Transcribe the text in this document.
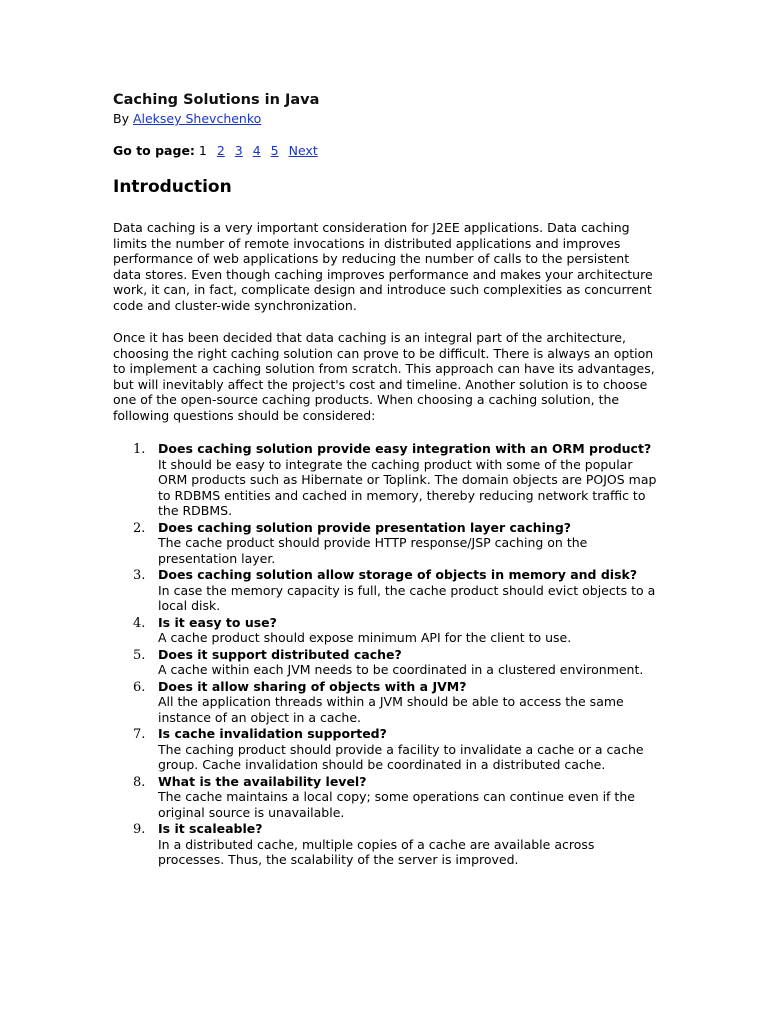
Caching Solutions in Java

By Aleksey Shevchenko

Go to page: 1 2 3 4 5 Next
Introduction

Data caching is a very important consideration for J2EE applications. Data caching limits the number of remote invocations in distributed applications and improves performance of web applications by reducing the number of calls to the persistent data stores. Even though caching improves performance and makes your architecture work, it can, in fact, complicate design and introduce such complexities as concurrent code and cluster-wide synchronization.

Once it has been decided that data caching is an integral part of the architecture, choosing the right caching solution can prove to be difficult. There is always an option to implement a caching solution from scratch. This approach can have its advantages, but will inevitably affect the project's cost and timeline. Another solution is to choose one of the open-source caching products. When choosing a caching solution, the following questions should be considered:

1. Does caching solution provide easy integration with an ORM product?
It should be easy to integrate the caching product with some of the popular ORM products such as Hibernate or Toplink. The domain objects are POJOS map to RDBMS entities and cached in memory, thereby reducing network traffic to the RDBMS.
2. Does caching solution provide presentation layer caching?
The cache product should provide HTTP response/JSP caching on the presentation layer.
3. Does caching solution allow storage of objects in memory and disk?
In case the memory capacity is full, the cache product should evict objects to a local disk.
4. Is it easy to use?
A cache product should expose minimum API for the client to use.
5. Does it support distributed cache?
A cache within each JVM needs to be coordinated in a clustered environment.
6. Does it allow sharing of objects with a JVM?
All the application threads within a JVM should be able to access the same instance of an object in a cache.
7. Is cache invalidation supported?
The caching product should provide a facility to invalidate a cache or a cache group. Cache invalidation should be coordinated in a distributed cache.
8. What is the availability level?
The cache maintains a local copy; some operations can continue even if the original source is unavailable.
9. Is it scaleable?
In a distributed cache, multiple copies of a cache are available across processes. Thus, the scalability of the server is improved.
